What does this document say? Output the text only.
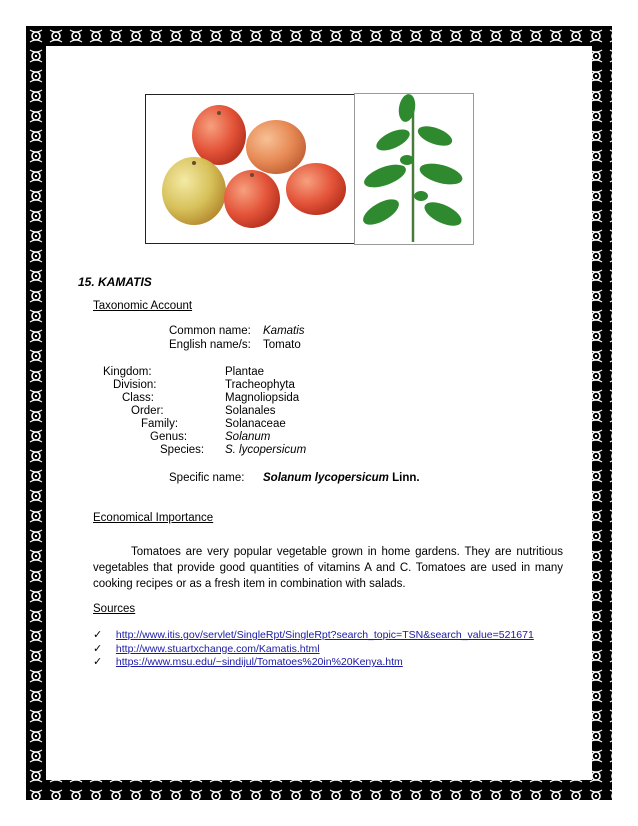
15. KAMATIS
Taxonomic Account
Common name: Kamatis
English name/s: Tomato
Kingdom:	Plantae
Division:	Tracheophyta
Class:	Magnoliopsida
Order:	Solanales
Family:	Solanaceae
Genus:	Solanum
Species: S. lycopersicum
Specific name: Solanum lycopersicum Linn.
Economical Importance
Tomatoes are very popular vegetable grown in home gardens. They are nutritious vegetables that provide good quantities of vitamins A and C. Tomatoes are used in many cooking recipes or as a fresh item in combination with salads.
Sources
✓ http://www.itis.gov/servlet/SingleRpt/SingleRpt?search_topic=TSN&search_value=521671
✓ http://www.stuartxchange.com/Kamatis.html
✓ https://www.msu.edu/~sindijul/Tomatoes%20in%20Kenya.htm
